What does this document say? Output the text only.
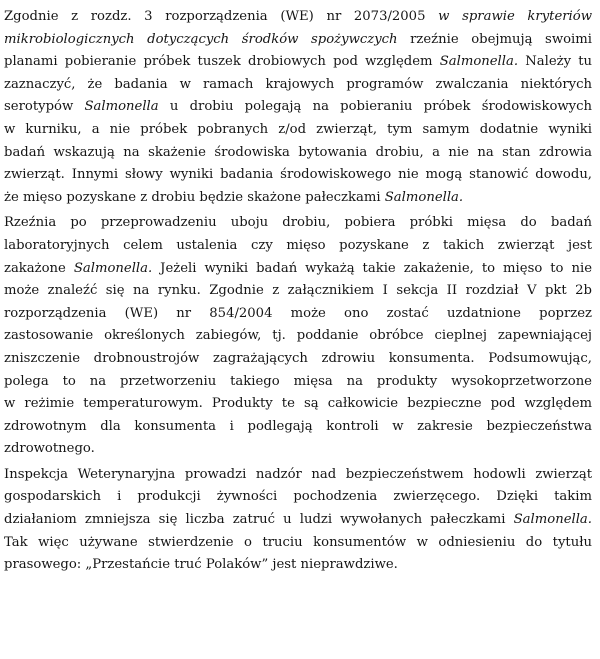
Zgodnie z rozdz. 3 rozporządzenia (WE) nr 2073/2005 w sprawie kryteriów
mikrobiologicznych dotyczących środków spożywczych rzeźnie obejmują swoimi
planami pobieranie próbek tuszek drobiowych pod względem Salmonella. Należy tu
zaznaczyć, że badania w ramach krajowych programów zwalczania niektórych
serotypów Salmonella u drobiu polegają na pobieraniu próbek środowiskowych
w kurniku, a nie próbek pobranych z/od zwierząt, tym samym dodatnie wyniki
badań wskazują na skażenie środowiska bytowania drobiu, a nie na stan zdrowia
zwierząt. Innymi słowy wyniki badania środowiskowego nie mogą stanowić dowodu,
że mięso pozyskane z drobiu będzie skażone pałeczkami Salmonella.

Rzeźnia po przeprowadzeniu uboju drobiu, pobiera próbki mięsa do badań
laboratoryjnych celem ustalenia czy mięso pozyskane z takich zwierząt jest
zakażone Salmonella. Jeżeli wyniki badań wykażą takie zakażenie, to mięso to nie
może znaleźć się na rynku. Zgodnie z załącznikiem I sekcja II rozdział V pkt 2b
rozporządzenia (WE) nr 854/2004 może ono zostać uzdatnione poprzez
zastosowanie określonych zabiegów, tj. poddanie obróbce cieplnej zapewniającej
zniszczenie drobnoustrojów zagrażających zdrowiu konsumenta. Podsumowując,
polega to na przetworzeniu takiego mięsa na produkty wysokoprzetworzone
w reżimie temperaturowym. Produkty te są całkowicie bezpieczne pod względem
zdrowotnym dla konsumenta i podlegają kontroli w zakresie bezpieczeństwa
zdrowotnego.

Inspekcja Weterynaryjna prowadzi nadzór nad bezpieczeństwem hodowli zwierząt
gospodarskich i produkcji żywności pochodzenia zwierzęcego. Dzięki takim
działaniom zmniejsza się liczba zatruć u ludzi wywołanych pałeczkami Salmonella.
Tak więc używane stwierdzenie o truciu konsumentów w odniesieniu do tytułu
prasowego: „Przestańcie truć Polaków” jest nieprawdziwe.
